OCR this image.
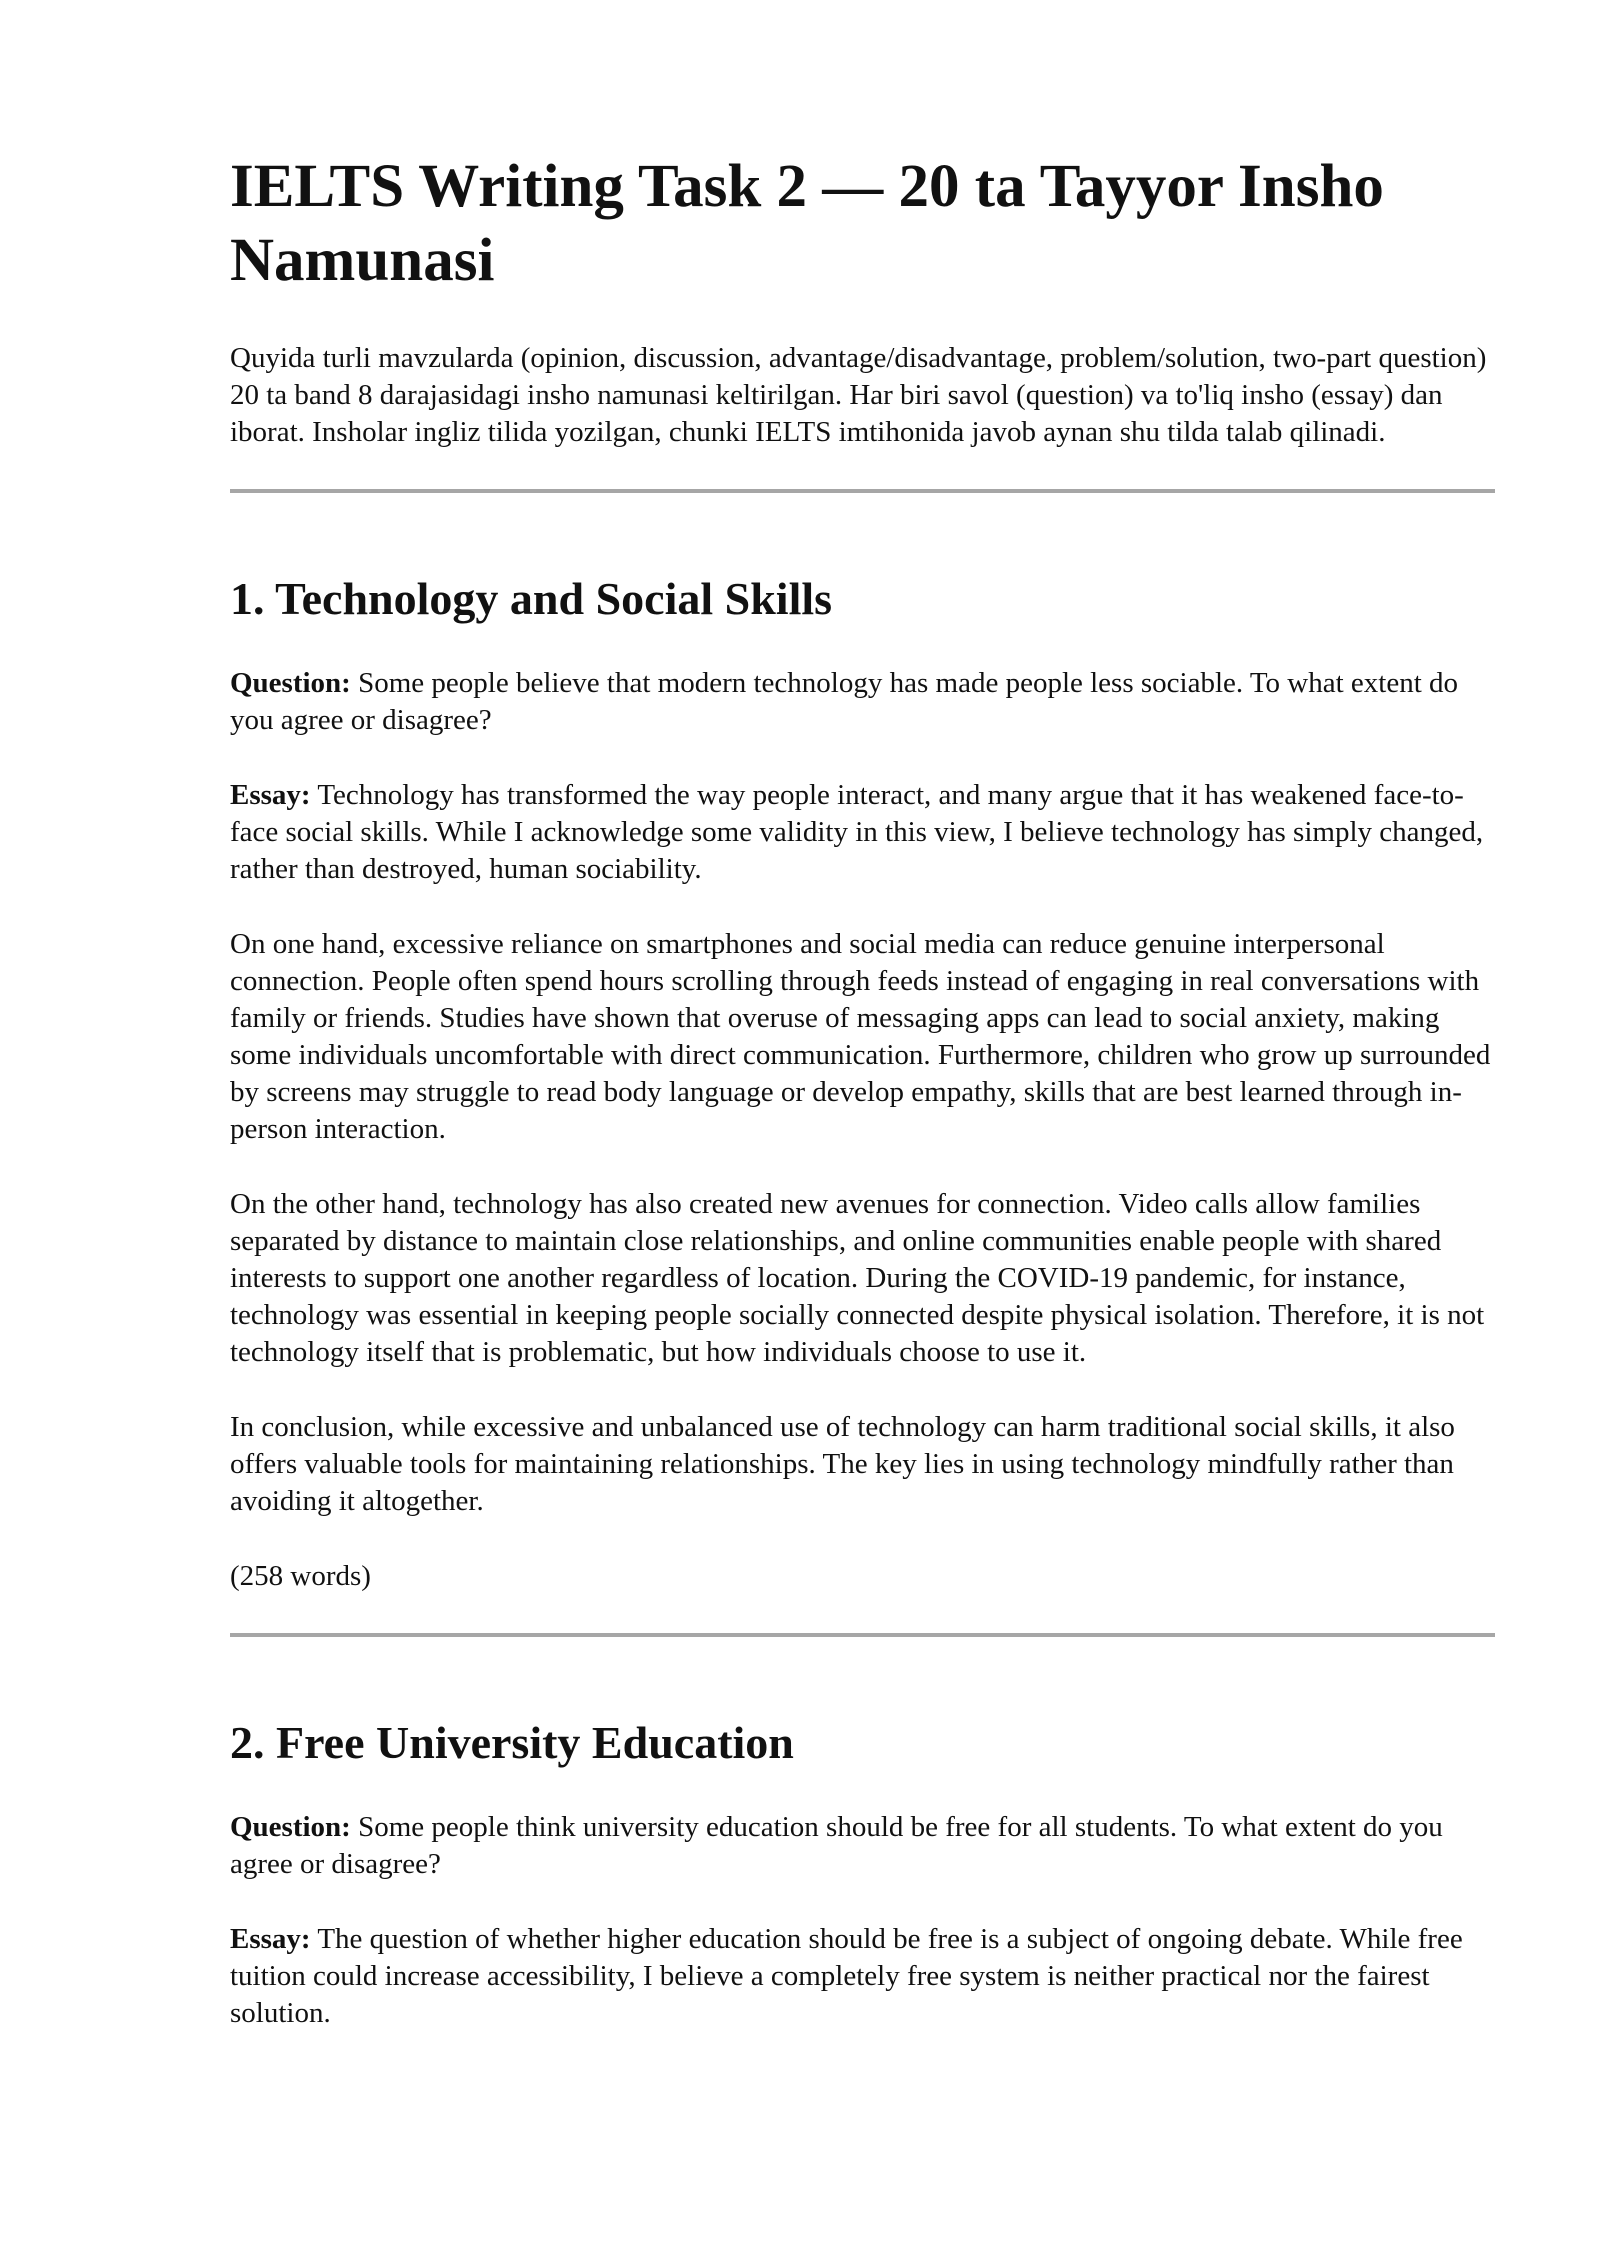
IELTS Writing Task 2 — 20 ta Tayyor Insho Namunasi

Quyida turli mavzularda (opinion, discussion, advantage/disadvantage, problem/solution, two-part question) 20 ta band 8 darajasidagi insho namunasi keltirilgan. Har biri savol (question) va to'liq insho (essay) dan iborat. Insholar ingliz tilida yozilgan, chunki IELTS imtihonida javob aynan shu tilda talab qilinadi.

1. Technology and Social Skills

Question: Some people believe that modern technology has made people less sociable. To what extent do you agree or disagree?

Essay: Technology has transformed the way people interact, and many argue that it has weakened face-to-face social skills. While I acknowledge some validity in this view, I believe technology has simply changed, rather than destroyed, human sociability.

On one hand, excessive reliance on smartphones and social media can reduce genuine interpersonal connection. People often spend hours scrolling through feeds instead of engaging in real conversations with family or friends. Studies have shown that overuse of messaging apps can lead to social anxiety, making some individuals uncomfortable with direct communication. Furthermore, children who grow up surrounded by screens may struggle to read body language or develop empathy, skills that are best learned through in-person interaction.

On the other hand, technology has also created new avenues for connection. Video calls allow families separated by distance to maintain close relationships, and online communities enable people with shared interests to support one another regardless of location. During the COVID-19 pandemic, for instance, technology was essential in keeping people socially connected despite physical isolation. Therefore, it is not technology itself that is problematic, but how individuals choose to use it.

In conclusion, while excessive and unbalanced use of technology can harm traditional social skills, it also offers valuable tools for maintaining relationships. The key lies in using technology mindfully rather than avoiding it altogether.

(258 words)

2. Free University Education

Question: Some people think university education should be free for all students. To what extent do you agree or disagree?

Essay: The question of whether higher education should be free is a subject of ongoing debate. While free tuition could increase accessibility, I believe a completely free system is neither practical nor the fairest solution.
